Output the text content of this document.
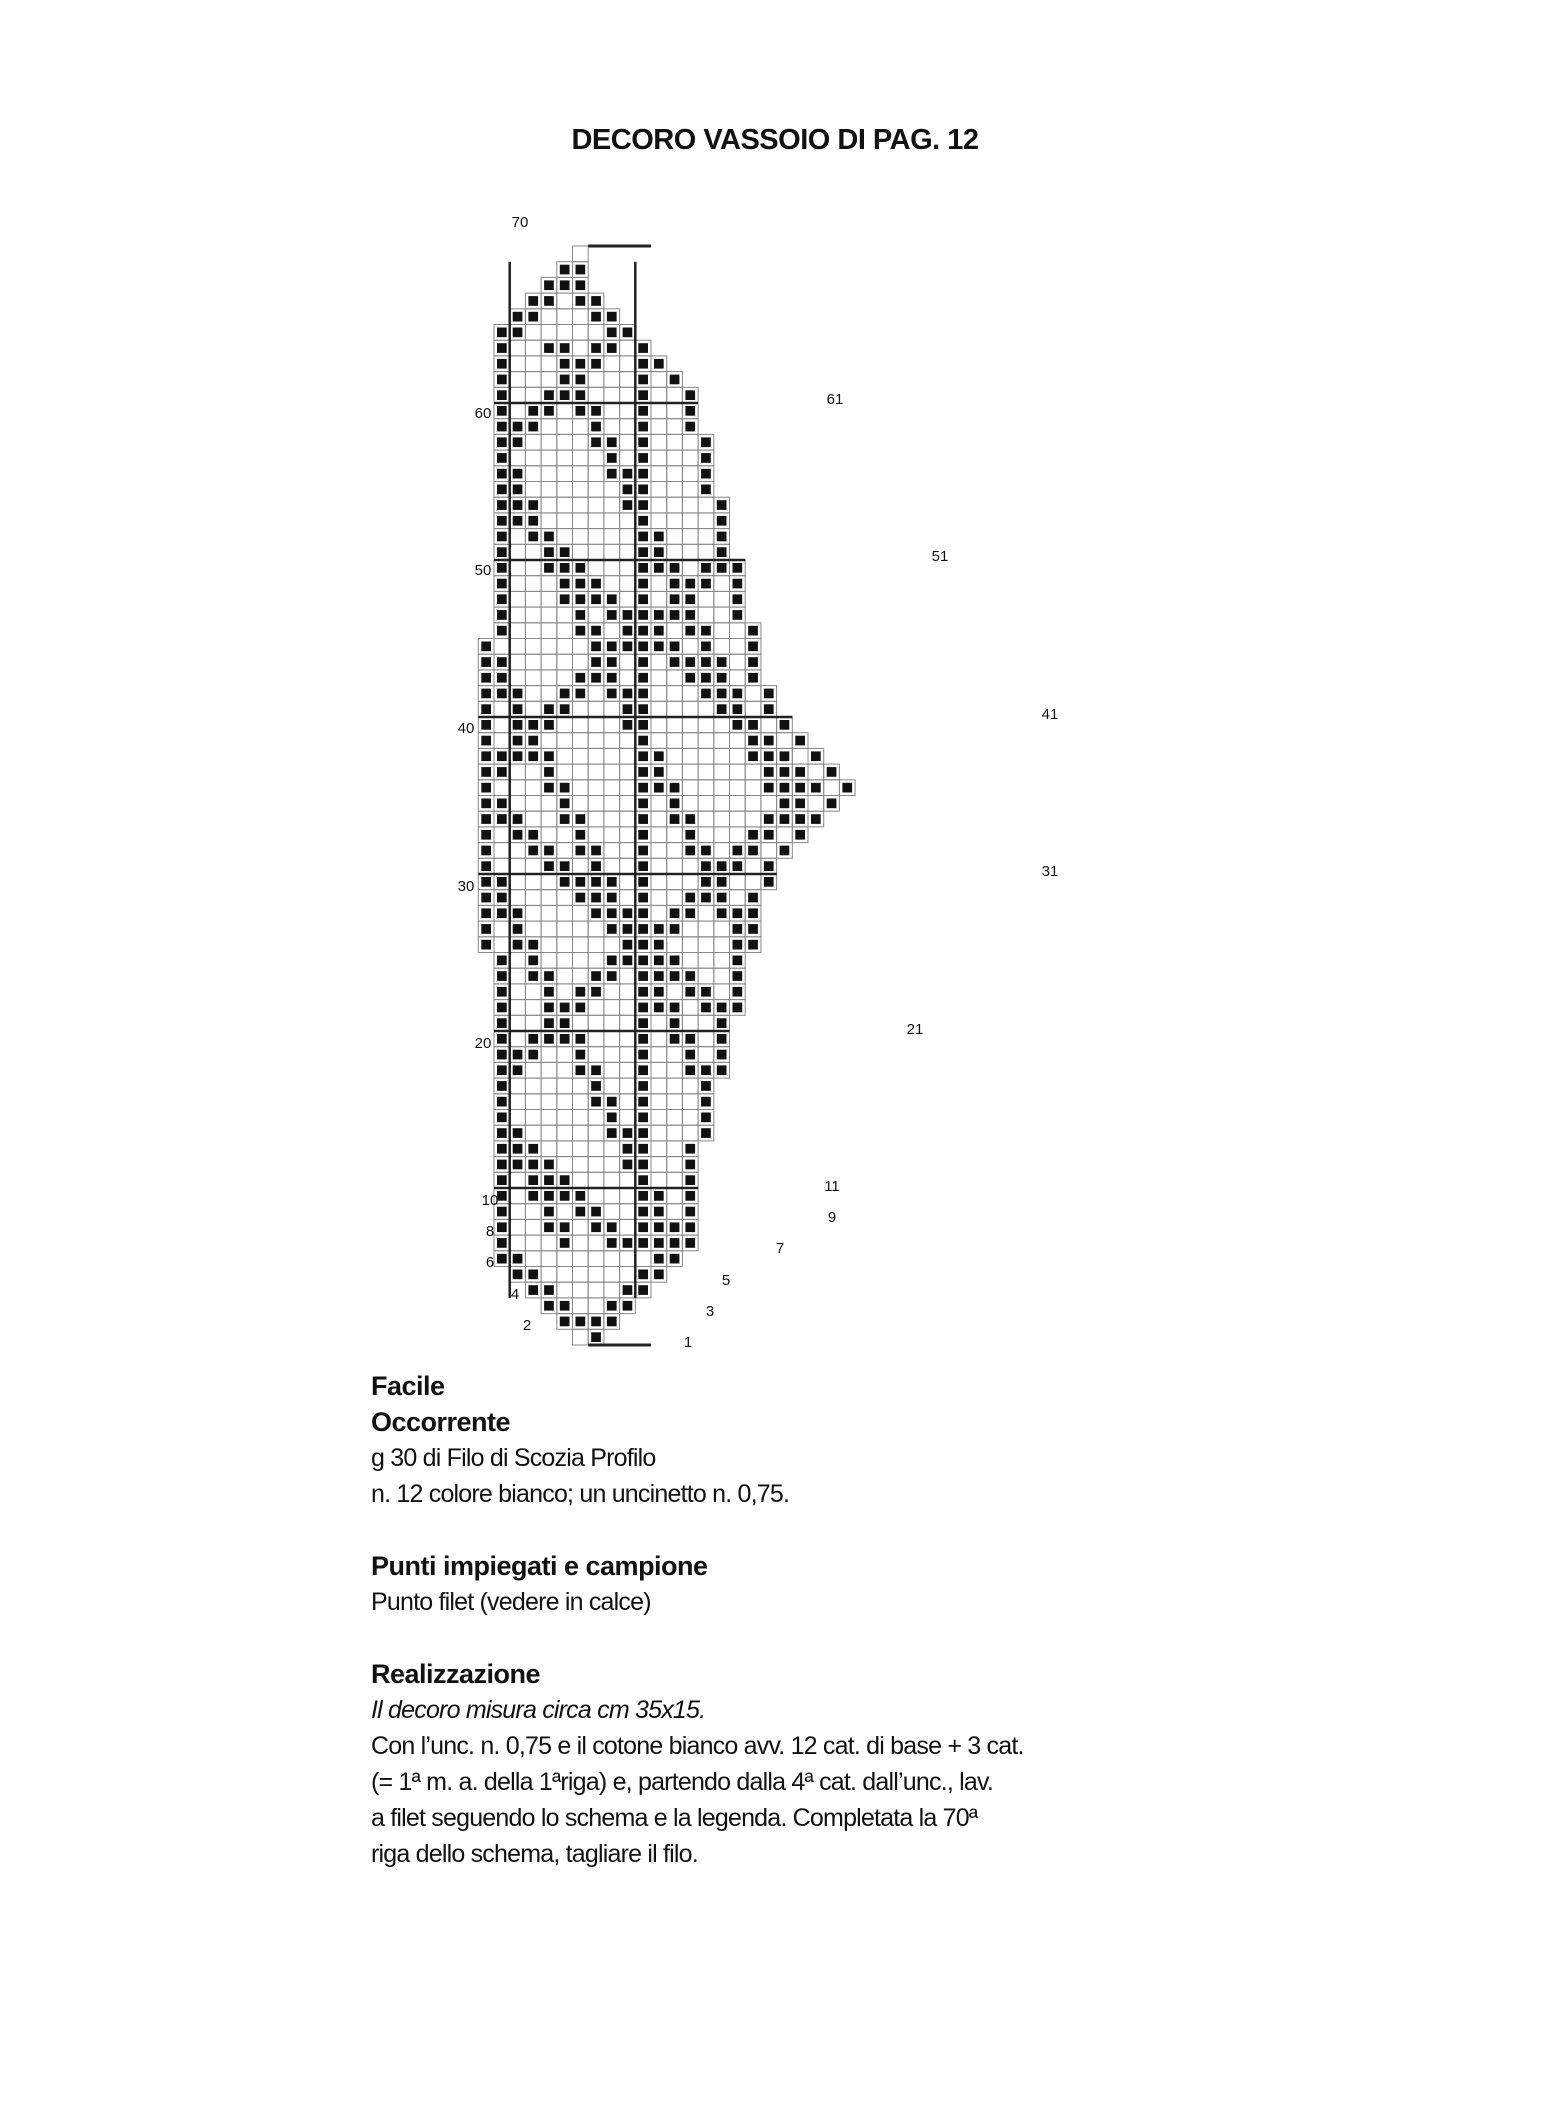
DECORO VASSOIO DI PAG. 12
70
60
50
40
30
20
10
8
6
4
2
61
51
41
31
21
11
9
7
5
3
1
Facile
Occorrente
g 30 di Filo di Scozia Profilo
n. 12 colore bianco; un uncinetto n. 0,75.
Punti impiegati e campione
Punto filet (vedere in calce)
Realizzazione
Il decoro misura circa cm 35x15.
Con l’unc. n. 0,75 e il cotone bianco avv. 12 cat. di base + 3 cat.
(= 1ª m. a. della 1ªriga) e, partendo dalla 4ª cat. dall’unc., lav.
a filet seguendo lo schema e la legenda. Completata la 70ª
riga dello schema, tagliare il filo.
